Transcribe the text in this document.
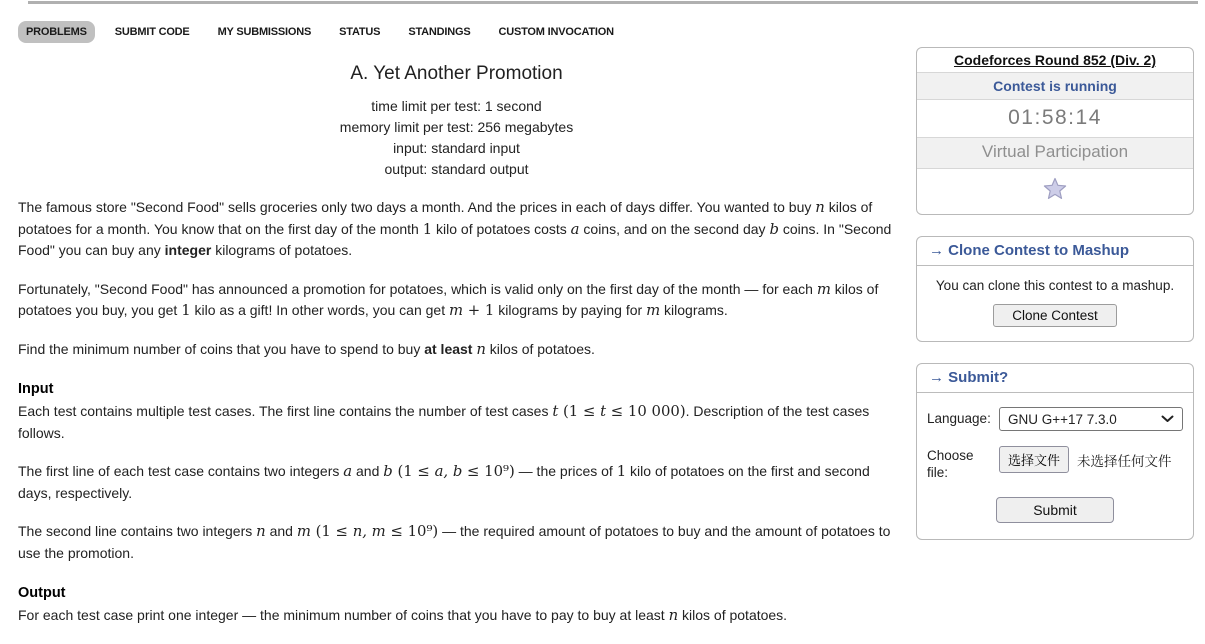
PROBLEMS	SUBMIT CODE	MY SUBMISSIONS	STATUS	STANDINGS	CUSTOM INVOCATION
A. Yet Another Promotion
time limit per test: 1 second
memory limit per test: 256 megabytes
input: standard input
output: standard output

The famous store "Second Food" sells groceries only two days a month. And the prices in each of days differ. You wanted to buy n kilos of potatoes for a month. You know that on the first day of the month 1 kilo of potatoes costs a coins, and on the second day b coins. In "Second Food" you can buy any integer kilograms of potatoes.

Fortunately, "Second Food" has announced a promotion for potatoes, which is valid only on the first day of the month — for each m kilos of potatoes you buy, you get 1 kilo as a gift! In other words, you can get m + 1 kilograms by paying for m kilograms.

Find the minimum number of coins that you have to spend to buy at least n kilos of potatoes.

Input

Each test contains multiple test cases. The first line contains the number of test cases t (1 ≤ t ≤ 10 000). Description of the test cases follows.

The first line of each test case contains two integers a and b (1 ≤ a, b ≤ 10⁹) — the prices of 1 kilo of potatoes on the first and second days, respectively.

The second line contains two integers n and m (1 ≤ n, m ≤ 10⁹) — the required amount of potatoes to buy and the amount of potatoes to use the promotion.

Output

For each test case print one integer — the minimum number of coins that you have to pay to buy at least n kilos of potatoes.

Codeforces Round 852 (Div. 2)
Contest is running
01:58:14
Virtual Participation
→ Clone Contest to Mashup
You can clone this contest to a mashup.
Clone Contest
→ Submit?
Language:	GNU G++17 7.3.0
Choose file:
选择文件	未选择任何文件
Submit
